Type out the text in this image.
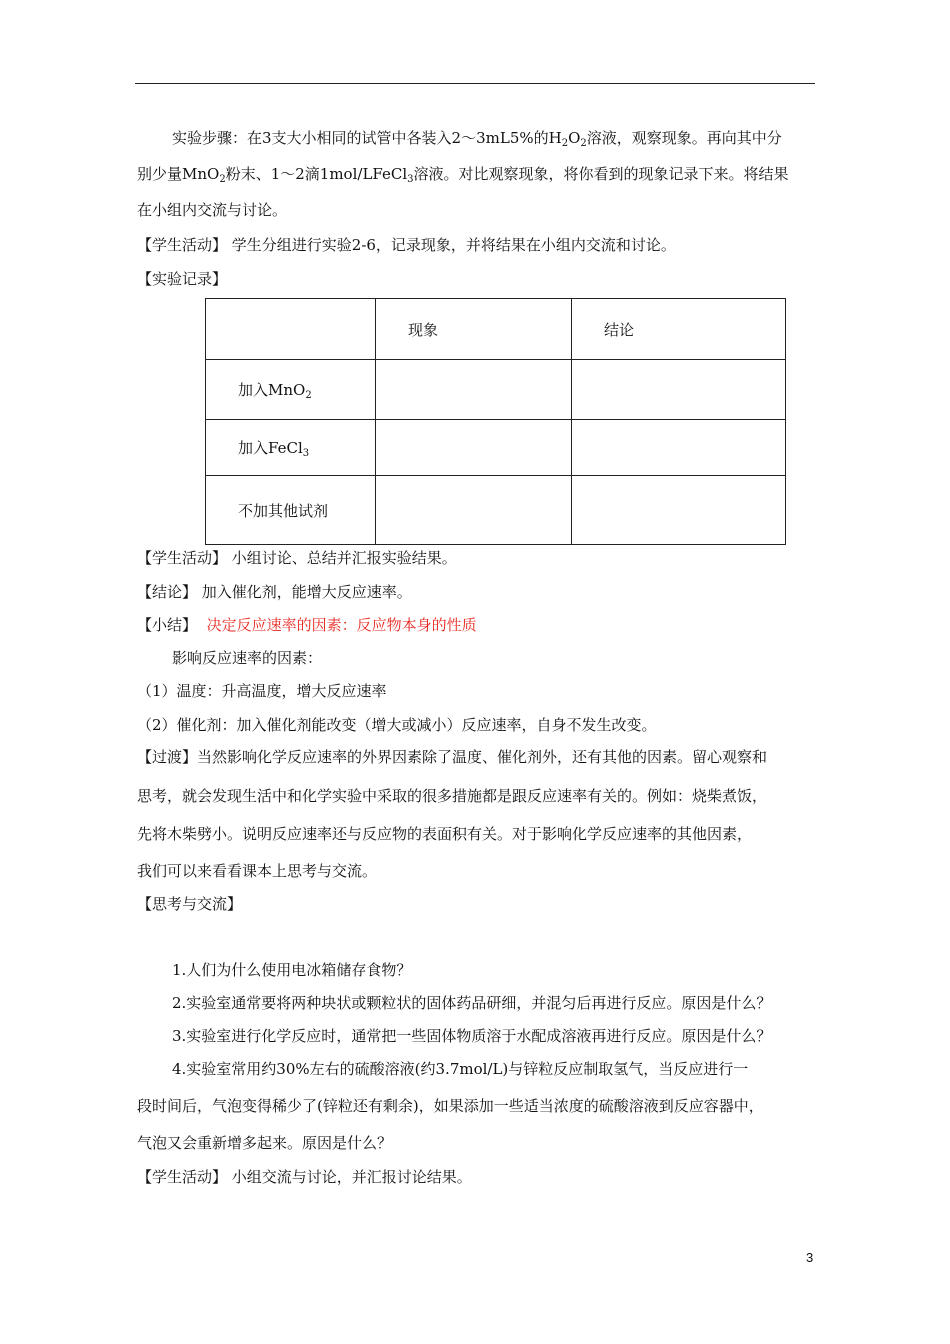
实验步骤：在3支大小相同的试管中各装入2～3mL5%的$H_2O_2$溶液，观察现象。再向其中分
别少量MnO$_2$粉末、1～2滴1mol/LFeCl$_3$溶液。对比观察现象，将你看到的现象记录下来。将结果
在小组内交流与讨论。
【学生活动】 学生分组进行实验2-6，记录现象，并将结果在小组内交流和讨论。
【实验记录】
	现象	结论
加入MnO$_2$		
加入FeCl$_3$		
不加其他试剂		
【学生活动】 小组讨论、总结并汇报实验结果。
【结论】 加入催化剂，能增大反应速率。
【小结】 决定反应速率的因素：反应物本身的性质
影响反应速率的因素：
（1）温度：升高温度，增大反应速率
（2）催化剂：加入催化剂能改变（增大或减小）反应速率，自身不发生改变。
【过渡】当然影响化学反应速率的外界因素除了温度、催化剂外，还有其他的因素。留心观察和
思考，就会发现生活中和化学实验中采取的很多措施都是跟反应速率有关的。例如：烧柴煮饭，
先将木柴劈小。说明反应速率还与反应物的表面积有关。对于影响化学反应速率的其他因素，
我们可以来看看课本上思考与交流。
【思考与交流】
1.人们为什么使用电冰箱储存食物？
2.实验室通常要将两种块状或颗粒状的固体药品研细，并混匀后再进行反应。原因是什么？
3.实验室进行化学反应时，通常把一些固体物质溶于水配成溶液再进行反应。原因是什么？
4.实验室常用约30%左右的硫酸溶液(约3.7mol/L)与锌粒反应制取氢气，当反应进行一
段时间后，气泡变得稀少了(锌粒还有剩余)，如果添加一些适当浓度的硫酸溶液到反应容器中，
气泡又会重新增多起来。原因是什么？
【学生活动】 小组交流与讨论，并汇报讨论结果。
3
